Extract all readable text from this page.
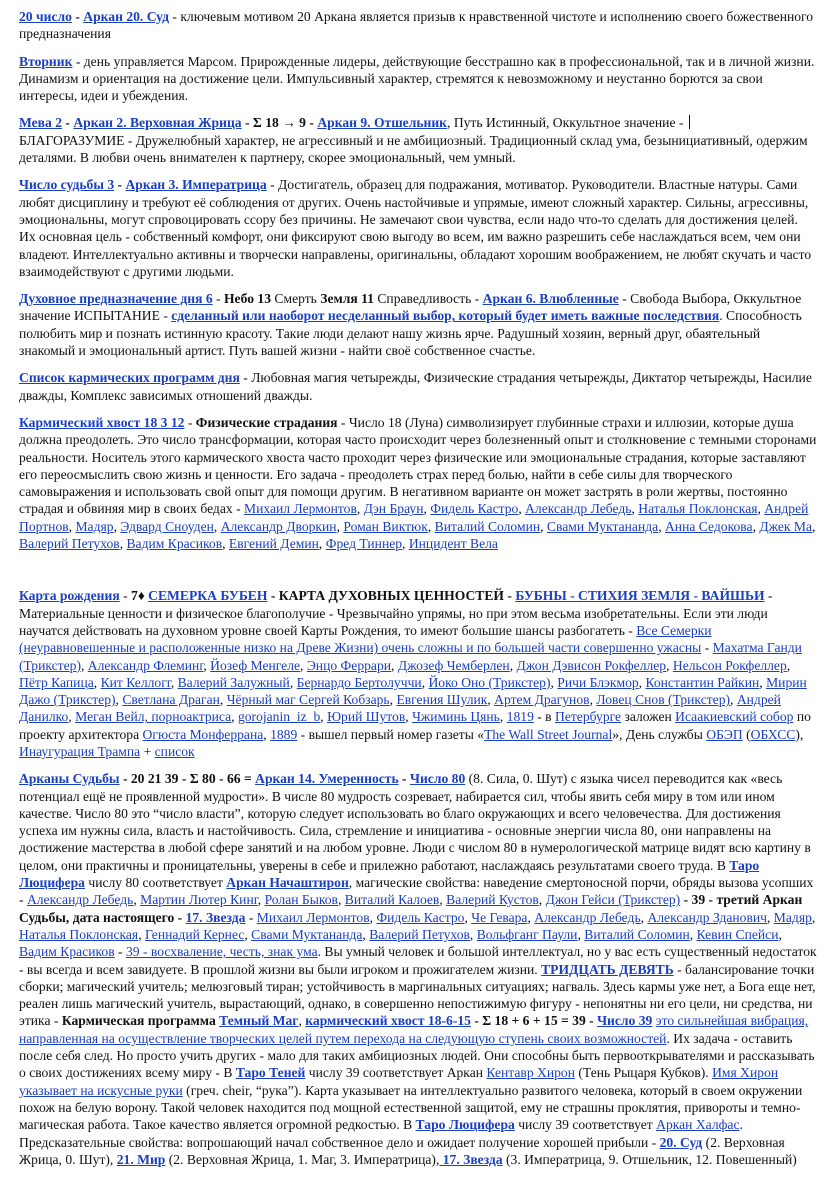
20 число - Аркан 20. Суд - ключевым мотивом 20 Аркана является призыв к нравственной чистоте и исполнению своего божественного предназначения

Вторник - день управляется Марсом. Прирожденные лидеры, действующие бесстрашно как в профессиональной, так и в личной жизни. Динамизм и ориентация на достижение цели. Импульсивный характер, стремятся к невозможному и неустанно борются за свои интересы, идеи и убеждения.

Мева 2 - Аркан 2. Верховная Жрица - Σ 18 → 9 - Аркан 9. Отшельник, Путь Истинный, Оккультное значение -
БЛАГОРАЗУМИЕ - Дружелюбный характер, не агрессивный и не амбициозный. Традиционный склад ума, безынициативный, одержим деталями. В любви очень внимателен к партнеру, скорее эмоциональный, чем умный.

Число судьбы 3 - Аркан 3. Императрица - Достигатель, образец для подражания, мотиватор. Руководители. Властные натуры. Сами любят дисциплину и требуют её соблюдения от других. Очень настойчивые и упрямые, имеют сложный характер. Сильны, агрессивны, эмоциональны, могут спровоцировать ссору без причины. Не замечают свои чувства, если надо что-то сделать для достижения целей. Их основная цель - собственный комфорт, они фиксируют свою выгоду во всем, им важно разрешить себе наслаждаться всем, чем они владеют. Интеллектуально активны и творчески направлены, оригинальны, обладают хорошим воображением, не любят скучать и часто взаимодействуют с другими людьми.

Духовное предназначение дня 6 - Небо 13 Смерть Земля 11 Справедливость - Аркан 6. Влюбленные - Свобода Выбора, Оккультное значение ИСПЫТАНИЕ - сделанный или наоборот несделанный выбор, который будет иметь важные последствия. Способность полюбить мир и познать истинную красоту. Такие люди делают нашу жизнь ярче. Радушный хозяин, верный друг, обаятельный знакомый и эмоциональный артист. Путь вашей жизни - найти своё собственное счастье.

Список кармических программ дня - Любовная магия четырежды, Физические страдания четырежды, Диктатор четырежды, Насилие дважды, Комплекс зависимых отношений дважды.

Кармический хвост 18 3 12 - Физические страдания - Число 18 (Луна) символизирует глубинные страхи и иллюзии, которые душа должна преодолеть. Это число трансформации, которая часто происходит через болезненный опыт и столкновение с темными сторонами реальности. Носитель этого кармического хвоста часто проходит через физические или эмоциональные страдания, которые заставляют его переосмыслить свою жизнь и ценности. Его задача - преодолеть страх перед болью, найти в себе силы для творческого самовыражения и использовать свой опыт для помощи другим. В негативном варианте он может застрять в роли жертвы, постоянно страдая и обвиняя мир в своих бедах - Михаил Лермонтов, Дэн Браун, Фидель Кастро, Александр Лебедь, Наталья Поклонская, Андрей Портнов, Мадяр, Эдвард Сноуден, Александр Дворкин, Роман Виктюк, Виталий Соломин, Свами Муктананда, Анна Седокова, Джек Ма, Валерий Петухов, Вадим Красиков, Евгений Демин, Фред Тиннер, Инцидент Вела

Карта рождения - 7♦ СЕМЕРКА БУБЕН - КАРТА ДУХОВНЫХ ЦЕННОСТЕЙ - БУБНЫ - СТИХИЯ ЗЕМЛЯ - ВАЙШЬИ - Материальные ценности и физическое благополучие - Чрезвычайно упрямы, но при этом весьма изобретательны. Если эти люди научатся действовать на духовном уровне своей Карты Рождения, то имеют большие шансы разбогатеть - Все Семерки (неуравновешенные и расположенные низко на Древе Жизни) очень сложны и по большей части совершенно ужасны - Махатма Ганди (Трикстер), Александр Флеминг, Йозеф Менгеле, Энцо Феррари, Джозеф Чемберлен, Джон Дэвисон Рокфеллер, Нельсон Рокфеллер, Пётр Капица, Кит Келлогг, Валерий Залужный, Бернардо Бертолуччи, Йоко Оно (Трикстер), Ричи Блэкмор, Константин Райкин, Мирин Дажо (Трикстер), Светлана Драган, Чёрный маг Сергей Кобзарь, Евгения Шулик, Артем Драгунов, Ловец Снов (Трикстер), Андрей Данилко, Меган Вейл, порноактриса, gorojanin_iz_b, Юрий Шутов, Чжиминь Цянь, 1819 - в Петербурге заложен Исаакиевский собор по проекту архитектора Огюста Монферрана, 1889 - вышел первый номер газеты «The Wall Street Journal», День службы ОБЭП (ОБХСС), Инаугурация Трампа + список

Арканы Судьбы - 20 21 39 - Σ 80 - 66 = Аркан 14. Умеренность - Число 80 (8. Сила, 0. Шут) с языка чисел переводится как «весь потенциал ещё не проявленной мудрости». В числе 80 мудрость созревает, набирается сил, чтобы явить себя миру в том или ином качестве. Число 80 это “число власти”, которую следует использовать во благо окружающих и всего человечества. Для достижения успеха им нужны сила, власть и настойчивость. Сила, стремление и инициатива - основные энергии числа 80, они направлены на достижение мастерства в любой сфере занятий и на любом уровне. Люди с числом 80 в нумерологической матрице видят всю картину в целом, они практичны и проницательны, уверены в себе и прилежно работают, наслаждаясь результатами своего труда. В Таро Люцифера числу 80 соответствует Аркан Начаштирон, магические свойства: наведение смертоносной порчи, обряды вызова усопших - Александр Лебедь, Мартин Лютер Кинг, Ролан Быков, Виталий Калоев, Валерий Кустов, Джон Гейси (Трикстер) - 39 - третий Аркан Судьбы, дата настоящего - 17. Звезда - Михаил Лермонтов, Фидель Кастро, Че Гевара, Александр Лебедь, Александр Зданович, Мадяр, Наталья Поклонская, Геннадий Кернес, Свами Муктананда, Валерий Петухов, Вольфганг Паули, Виталий Соломин, Кевин Спейси, Вадим Красиков - 39 - восхваление, честь, знак ума. Вы умный человек и большой интеллектуал, но у вас есть существенный недостаток - вы всегда и всем завидуете. В прошлой жизни вы были игроком и прожигателем жизни. ТРИДЦАТЬ ДЕВЯТЬ - балансирование точки сборки; магический учитель; мелюзговый тиран; устойчивость в маргинальных ситуациях; нагваль. Здесь кармы уже нет, а Бога еще нет, реален лишь магический учитель, вырастающий, однако, в совершенно непостижимую фигуру - непонятны ни его цели, ни средства, ни этика - Кармическая программа Темный Маг, кармический хвост 18-6-15 - Σ 18 + 6 + 15 = 39 - Число 39 это сильнейшая вибрация, направленная на осуществление творческих целей путем перехода на следующую ступень своих возможностей. Их задача - оставить после себя след. Но просто учить других - мало для таких амбициозных людей. Они способны быть первооткрывателями и рассказывать о своих достижениях всему миру - В Таро Теней числу 39 соответствует Аркан Кентавр Хирон (Тень Рыцаря Кубков). Имя Хирон указывает на искусные руки (греч. cheir, “рука”). Карта указывает на интеллектуально развитого человека, который в своем окружении похож на белую ворону. Такой человек находится под мощной естественной защитой, ему не страшны проклятия, привороты и темно-магическая работа. Такое качество является огромной редкостью. В Таро Люцифера числу 39 соответствует Аркан Халфас. Предсказательные свойства: вопрошающий начал собственное дело и ожидает получение хорошей прибыли - 20. Суд (2. Верховная Жрица, 0. Шут), 21. Мир (2. Верховная Жрица, 1. Маг, 3. Императрица), 17. Звезда (3. Императрица, 9. Отшельник, 12. Повешенный)
